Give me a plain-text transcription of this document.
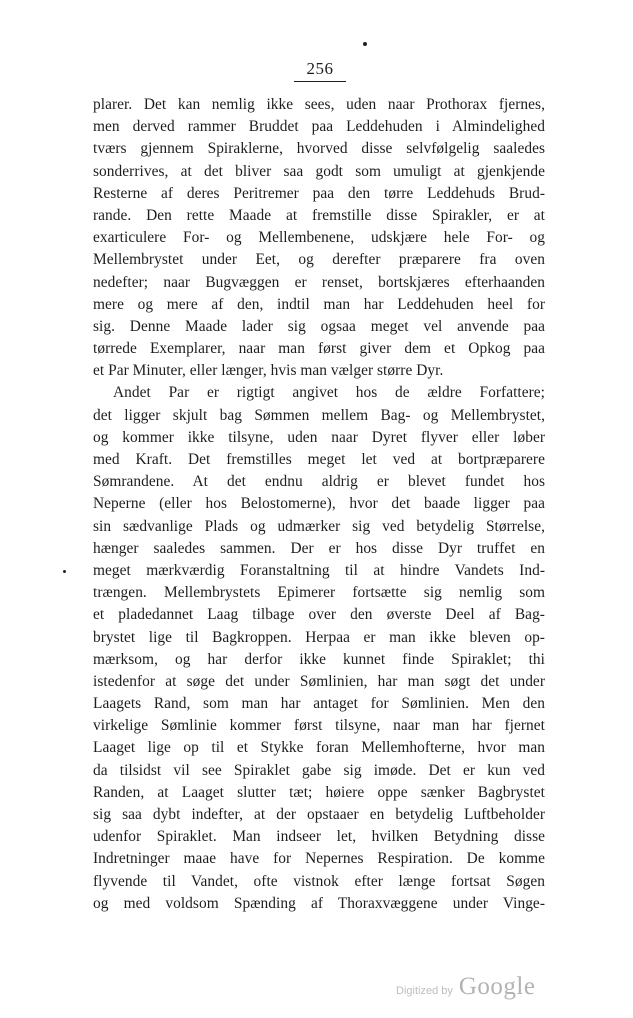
256
plarer. Det kan nemlig ikke sees, uden naar Prothorax fjernes,
men derved rammer Bruddet paa Leddehuden i Almindelighed
tværs gjennem Spiraklerne, hvorved disse selvfølgelig saaledes
sonderrives, at det bliver saa godt som umuligt at gjenkjende
Resterne af deres Peritremer paa den tørre Leddehuds Brud-
rande. Den rette Maade at fremstille disse Spirakler, er at
exarticulere For- og Mellembenene, udskjære hele For- og
Mellembrystet under Eet, og derefter præparere fra oven
nedefter; naar Bugvæggen er renset, bortskjæres efterhaanden
mere og mere af den, indtil man har Leddehuden heel for
sig. Denne Maade lader sig ogsaa meget vel anvende paa
tørrede Exemplarer, naar man først giver dem et Opkog paa
et Par Minuter, eller længer, hvis man vælger større Dyr.
Andet Par er rigtigt angivet hos de ældre Forfattere;
det ligger skjult bag Sømmen mellem Bag- og Mellembrystet,
og kommer ikke tilsyne, uden naar Dyret flyver eller løber
med Kraft. Det fremstilles meget let ved at bortpræparere
Sømrandene. At det endnu aldrig er blevet fundet hos
Neperne (eller hos Belostomerne), hvor det baade ligger paa
sin sædvanlige Plads og udmærker sig ved betydelig Størrelse,
hænger saaledes sammen. Der er hos disse Dyr truffet en
meget mærkværdig Foranstaltning til at hindre Vandets Ind-
trængen. Mellembrystets Epimerer fortsætte sig nemlig som
et pladedannet Laag tilbage over den øverste Deel af Bag-
brystet lige til Bagkroppen. Herpaa er man ikke bleven op-
mærksom, og har derfor ikke kunnet finde Spiraklet; thi
istedenfor at søge det under Sømlinien, har man søgt det under
Laagets Rand, som man har antaget for Sømlinien. Men den
virkelige Sømlinie kommer først tilsyne, naar man har fjernet
Laaget lige op til et Stykke foran Mellemhofterne, hvor man
da tilsidst vil see Spiraklet gabe sig imøde. Det er kun ved
Randen, at Laaget slutter tæt; høiere oppe sænker Bagbrystet
sig saa dybt indefter, at der opstaaer en betydelig Luftbeholder
udenfor Spiraklet. Man indseer let, hvilken Betydning disse
Indretninger maae have for Nepernes Respiration. De komme
flyvende til Vandet, ofte vistnok efter længe fortsat Søgen
og med voldsom Spænding af Thoraxvæggene under Vinge-
Digitized by Google
